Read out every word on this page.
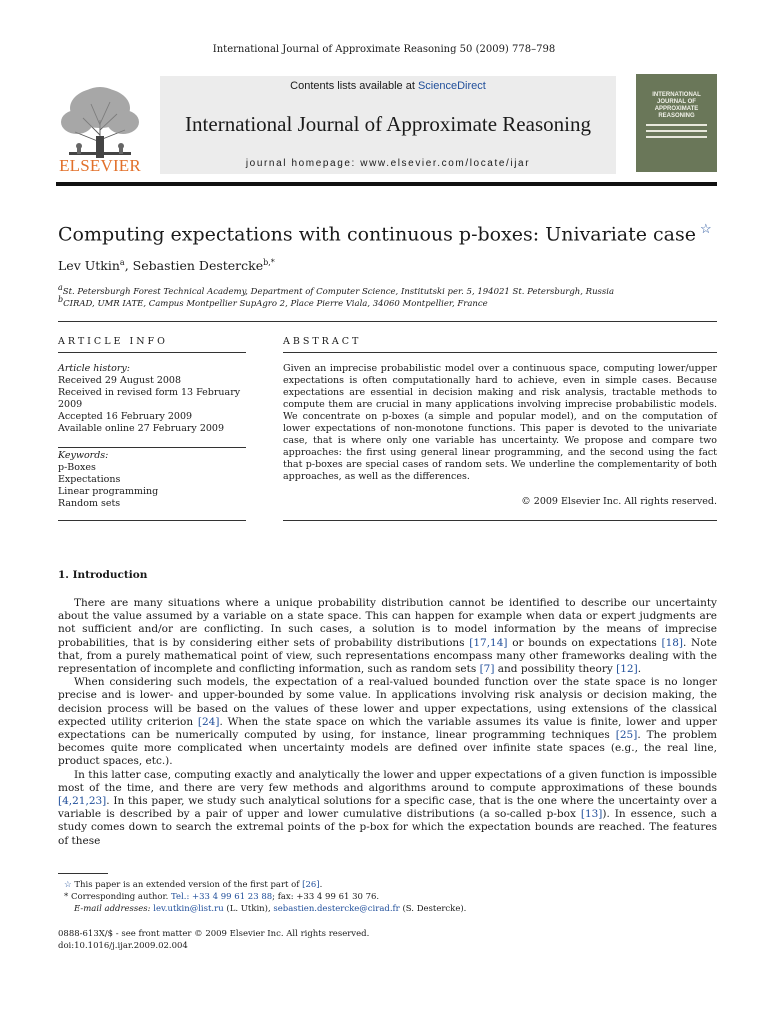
International Journal of Approximate Reasoning 50 (2009) 778–798
ELSEVIER
Contents lists available at ScienceDirect
International Journal of Approximate Reasoning
journal homepage: www.elsevier.com/locate/ijar
INTERNATIONAL JOURNAL OF APPROXIMATE REASONING
Computing expectations with continuous p-boxes: Univariate case ☆
Lev Utkin$^a$, Sebastien Destercke$^{b,*}$
aSt. Petersburgh Forest Technical Academy, Department of Computer Science, Institutski per. 5, 194021 St. Petersburgh, Russia
bCIRAD, UMR IATE, Campus Montpellier SupAgro 2, Place Pierre Viala, 34060 Montpellier, France
ARTICLE INFO	ABSTRACT
Article history:
Received 29 August 2008
Received in revised form 13 February 2009
Accepted 16 February 2009
Available online 27 February 2009
Keywords:
p-Boxes
Expectations
Linear programming
Random sets
Given an imprecise probabilistic model over a continuous space, computing lower/upper expectations is often computationally hard to achieve, even in simple cases. Because expectations are essential in decision making and risk analysis, tractable methods to compute them are crucial in many applications involving imprecise probabilistic models. We concentrate on p-boxes (a simple and popular model), and on the computation of lower expectations of non-monotone functions. This paper is devoted to the univariate case, that is where only one variable has uncertainty. We propose and compare two approaches: the first using general linear programming, and the second using the fact that p-boxes are special cases of random sets. We underline the complementarity of both approaches, as well as the differences.
© 2009 Elsevier Inc. All rights reserved.
1. Introduction

There are many situations where a unique probability distribution cannot be identified to describe our uncertainty about the value assumed by a variable on a state space. This can happen for example when data or expert judgments are not sufficient and/or are conflicting. In such cases, a solution is to model information by the means of imprecise probabilities, that is by considering either sets of probability distributions [17,14] or bounds on expectations [18]. Note that, from a purely mathematical point of view, such representations encompass many other frameworks dealing with the representation of incomplete and conflicting information, such as random sets [7] and possibility theory [12].

When considering such models, the expectation of a real-valued bounded function over the state space is no longer precise and is lower- and upper-bounded by some value. In applications involving risk analysis or decision making, the decision process will be based on the values of these lower and upper expectations, using extensions of the classical expected utility criterion [24]. When the state space on which the variable assumes its value is finite, lower and upper expectations can be numerically computed by using, for instance, linear programming techniques [25]. The problem becomes quite more complicated when uncertainty models are defined over infinite state spaces (e.g., the real line, product spaces, etc.).

In this latter case, computing exactly and analytically the lower and upper expectations of a given function is impossible most of the time, and there are very few methods and algorithms around to compute approximations of these bounds [4,21,23]. In this paper, we study such analytical solutions for a specific case, that is the one where the uncertainty over a variable is described by a pair of upper and lower cumulative distributions (a so-called p-box [13]). In essence, such a study comes down to search the extremal points of the p-box for which the expectation bounds are reached. The features of these

☆ This paper is an extended version of the first part of [26].
* Corresponding author. Tel.: +33 4 99 61 23 88; fax: +33 4 99 61 30 76.
E-mail addresses: lev.utkin@list.ru (L. Utkin), sebastien.destercke@cirad.fr (S. Destercke).
0888-613X/$ - see front matter © 2009 Elsevier Inc. All rights reserved.
doi:10.1016/j.ijar.2009.02.004
